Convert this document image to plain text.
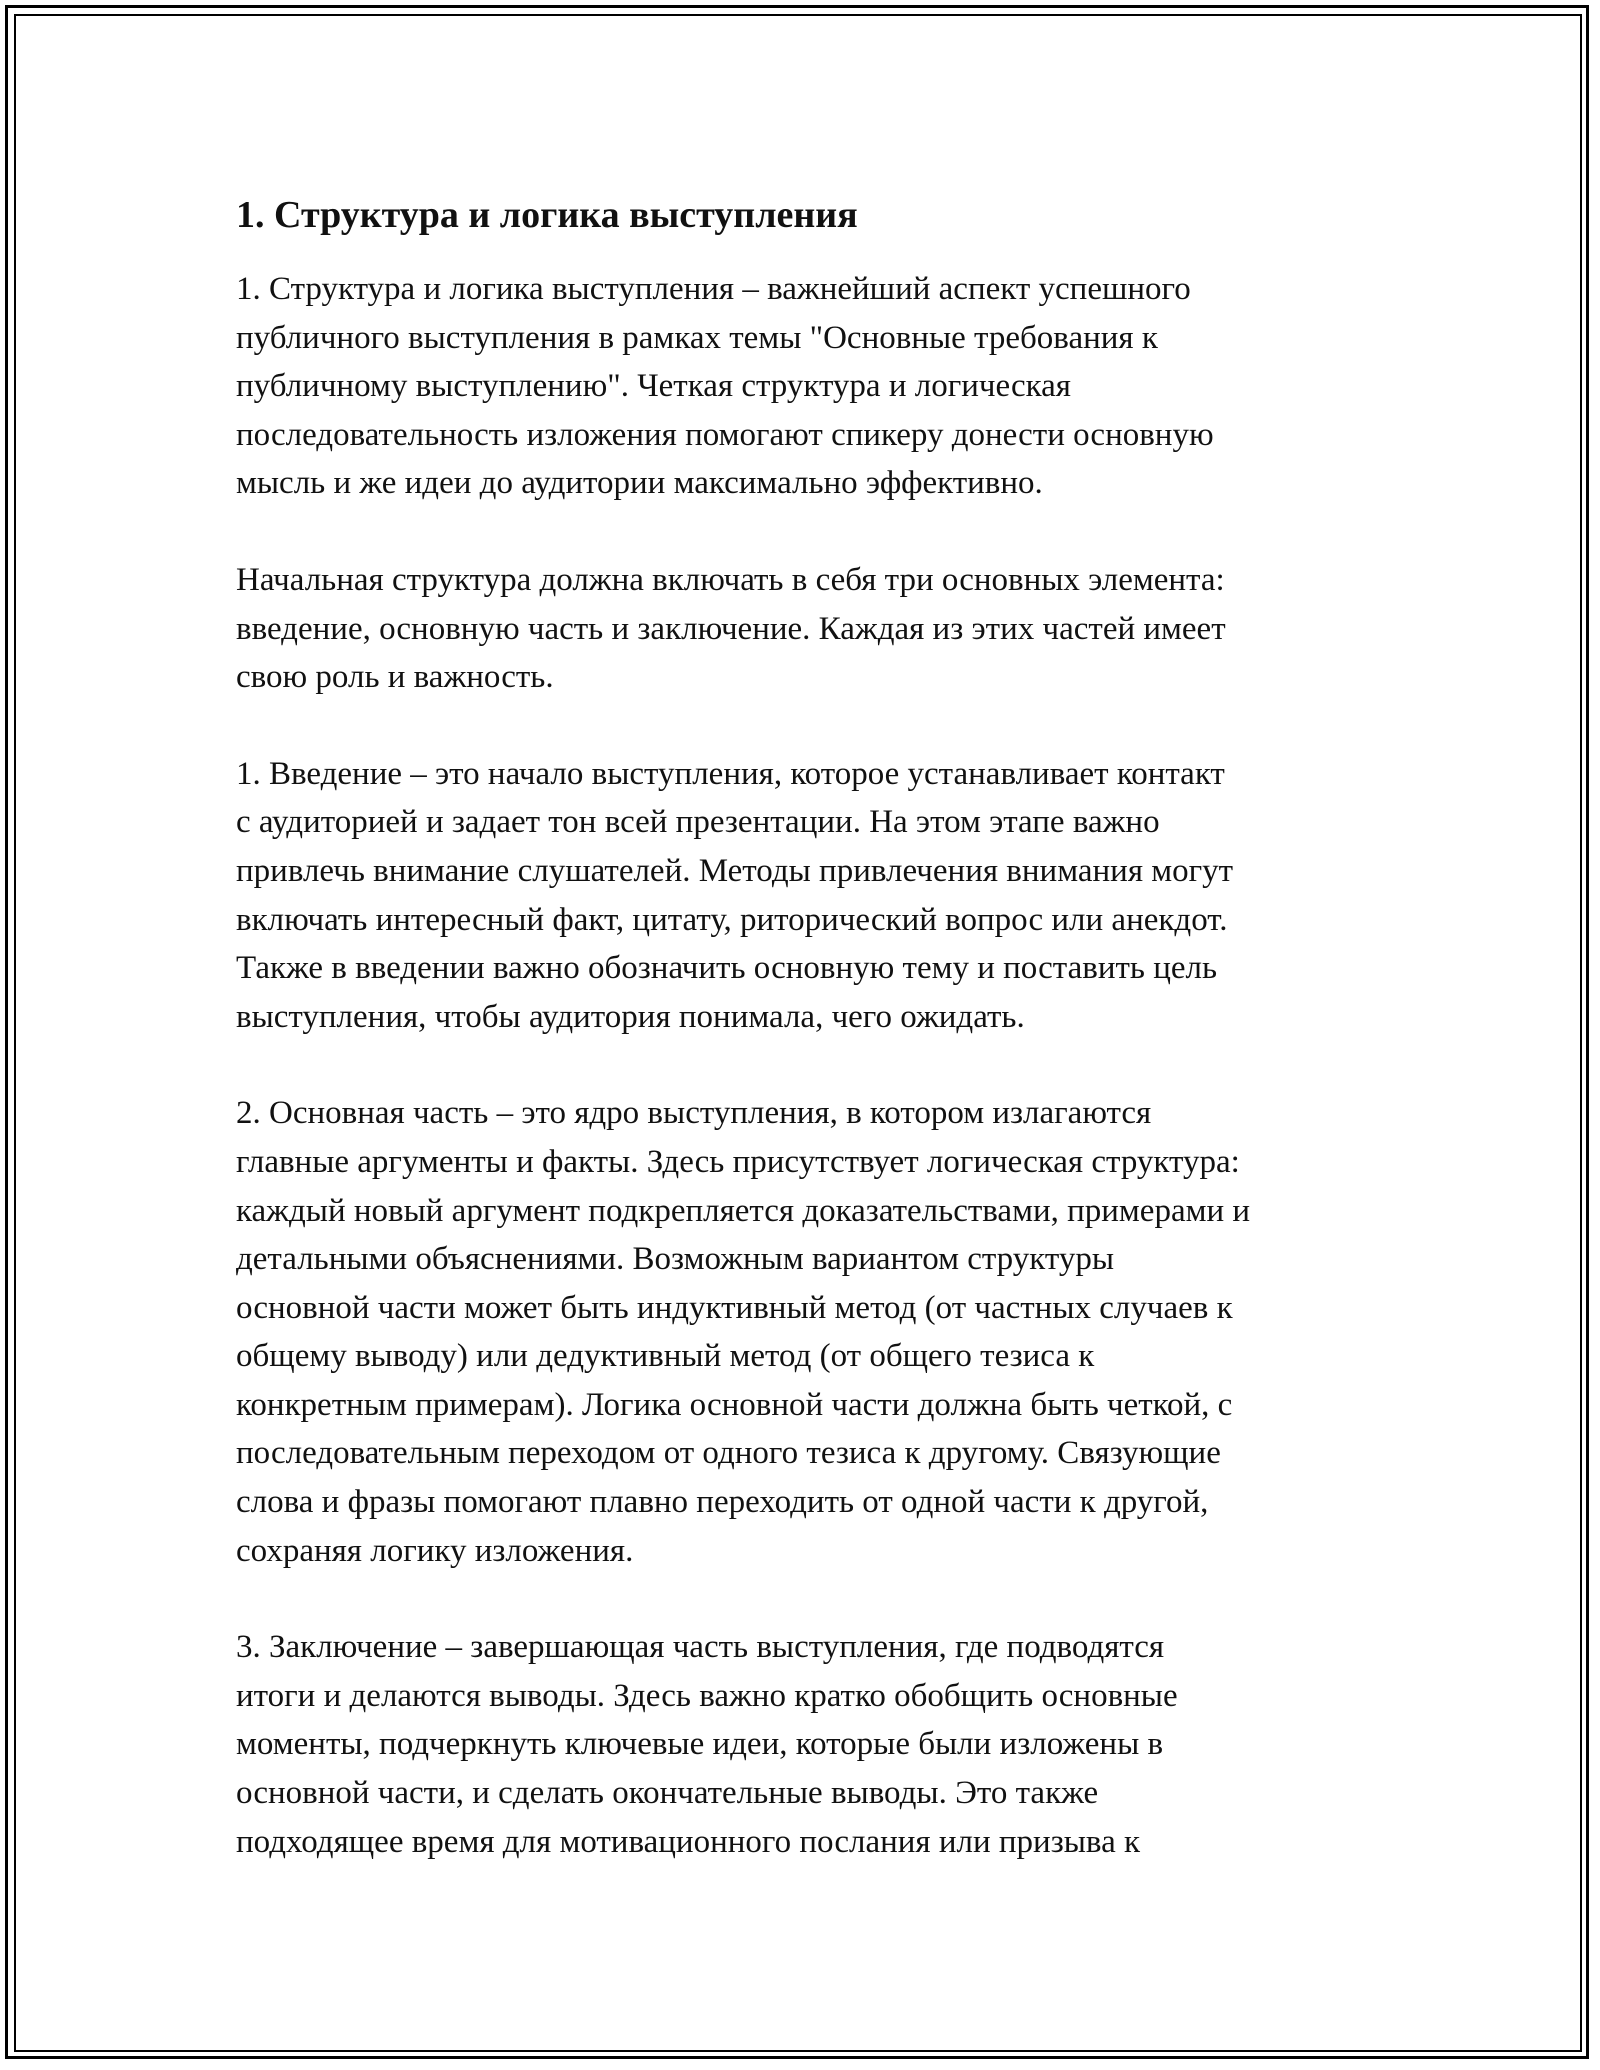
1. Структура и логика выступления

1. Структура и логика выступления – важнейший аспект успешного
публичного выступления в рамках темы "Основные требования к
публичному выступлению". Четкая структура и логическая
последовательность изложения помогают спикеру донести основную
мысль и же идеи до аудитории максимально эффективно.

Начальная структура должна включать в себя три основных элемента:
введение, основную часть и заключение. Каждая из этих частей имеет
свою роль и важность.

1. Введение – это начало выступления, которое устанавливает контакт
с аудиторией и задает тон всей презентации. На этом этапе важно
привлечь внимание слушателей. Методы привлечения внимания могут
включать интересный факт, цитату, риторический вопрос или анекдот.
Также в введении важно обозначить основную тему и поставить цель
выступления, чтобы аудитория понимала, чего ожидать.

2. Основная часть – это ядро выступления, в котором излагаются
главные аргументы и факты. Здесь присутствует логическая структура:
каждый новый аргумент подкрепляется доказательствами, примерами и
детальными объяснениями. Возможным вариантом структуры
основной части может быть индуктивный метод (от частных случаев к
общему выводу) или дедуктивный метод (от общего тезиса к
конкретным примерам). Логика основной части должна быть четкой, с
последовательным переходом от одного тезиса к другому. Связующие
слова и фразы помогают плавно переходить от одной части к другой,
сохраняя логику изложения.

3. Заключение – завершающая часть выступления, где подводятся
итоги и делаются выводы. Здесь важно кратко обобщить основные
моменты, подчеркнуть ключевые идеи, которые были изложены в
основной части, и сделать окончательные выводы. Это также
подходящее время для мотивационного послания или призыва к
